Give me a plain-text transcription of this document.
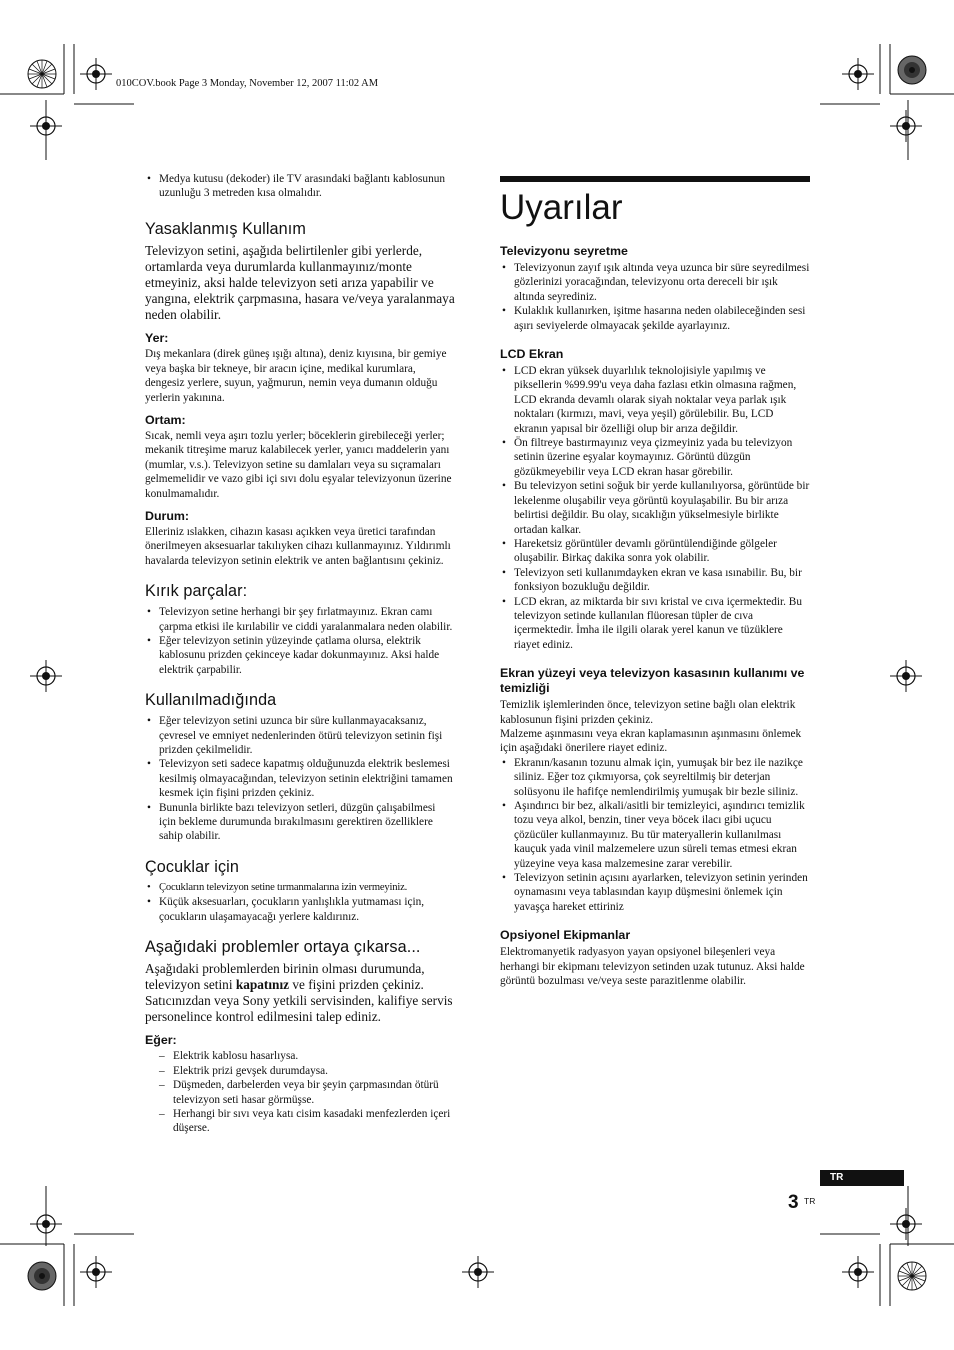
010COV.book Page 3 Monday, November 12, 2007 11:02 AM
• Medya kutusu (dekoder) ile TV arasındaki bağlantı kablosunun uzunluğu 3 metreden kısa olmalıdır.
Yasaklanmış Kullanım

Televizyon setini, aşağıda belirtilenler gibi yerlerde, ortamlarda veya durumlarda kullanmayınız/monte etmeyiniz, aksi halde televizyon seti arıza yapabilir ve yangına, elektrik çarpmasına, hasara ve/veya yaralanmaya neden olabilir.

Yer:

Dış mekanlara (direk güneş ışığı altına), deniz kıyısına, bir gemiye veya başka bir tekneye, bir aracın içine, medikal kurumlara, dengesiz yerlere, suyun, yağmurun, nemin veya dumanın olduğu yerlerin yakınına.

Ortam:

Sıcak, nemli veya aşırı tozlu yerler; böceklerin girebileceği yerler; mekanik titreşime maruz kalabilecek yerler, yanıcı maddelerin yanı (mumlar, v.s.). Televizyon setine su damlaları veya su sıçramaları gelmemelidir ve vazo gibi içi sıvı dolu eşyalar televizyonun üzerine konulmamalıdır.

Durum:

Elleriniz ıslakken, cihazın kasası açıkken veya üretici tarafından önerilmeyen aksesuarlar takılıyken cihazı kullanmayınız. Yıldırımlı havalarda televizyon setinin elektrik ve anten bağlantısını çekiniz.

Kırık parçalar:
• Televizyon setine herhangi bir şey fırlatmayınız. Ekran camı çarpma etkisi ile kırılabilir ve ciddi yaralanmalara neden olabilir.
• Eğer televizyon setinin yüzeyinde çatlama olursa, elektrik kablosunu prizden çekinceye kadar dokunmayınız. Aksi halde elektrik çarpabilir.
Kullanılmadığında
• Eğer televizyon setini uzunca bir süre kullanmayacaksanız, çevresel ve emniyet nedenlerinden ötürü televizyon setinin fişi prizden çekilmelidir.
• Televizyon seti sadece kapatmış olduğunuzda elektrik beslemesi kesilmiş olmayacağından, televizyon setinin elektriğini tamamen kesmek için fişini prizden çekiniz.
• Bununla birlikte bazı televizyon setleri, düzgün çalışabilmesi için bekleme durumunda bırakılmasını gerektiren özelliklere sahip olabilir.
Çocuklar için
• Çocukların televizyon setine tırmanmalarına izin vermeyiniz.
• Küçük aksesuarları, çocukların yanlışlıkla yutmaması için, çocukların ulaşamayacağı yerlere kaldırınız.
Aşağıdaki problemler ortaya çıkarsa...

Aşağıdaki problemlerden birinin olması durumunda, televizyon setini kapatınız ve fişini prizden çekiniz. Satıcınızdan veya Sony yetkili servisinden, kalifiye servis personelince kontrol edilmesini talep ediniz.

Eğer:
– Elektrik kablosu hasarlıysa.
– Elektrik prizi gevşek durumdaysa.
– Düşmeden, darbelerden veya bir şeyin çarpmasından ötürü televizyon seti hasar görmüşse.
– Herhangi bir sıvı veya katı cisim kasadaki menfezlerden içeri düşerse.
Uyarılar
Televizyonu seyretme
• Televizyonun zayıf ışık altında veya uzunca bir süre seyredilmesi gözlerinizi yoracağından, televizyonu orta dereceli bir ışık altında seyrediniz.
• Kulaklık kullanırken, işitme hasarına neden olabileceğinden sesi aşırı seviyelerde olmayacak şekilde ayarlayınız.
LCD Ekran
• LCD ekran yüksek duyarlılık teknolojisiyle yapılmış ve piksellerin %99.99'u veya daha fazlası etkin olmasına rağmen, LCD ekranda devamlı olarak siyah noktalar veya parlak ışık noktaları (kırmızı, mavi, veya yeşil) görülebilir. Bu, LCD ekranın yapısal bir özelliği olup bir arıza değildir.
• Ön filtreye bastırmayınız veya çizmeyiniz yada bu televizyon setinin üzerine eşyalar koymayınız. Görüntü düzgün gözükmeyebilir veya LCD ekran hasar görebilir.
• Bu televizyon setini soğuk bir yerde kullanılıyorsa, görüntüde bir lekelenme oluşabilir veya görüntü koyulaşabilir. Bu bir arıza belirtisi değildir. Bu olay, sıcaklığın yükselmesiyle birlikte ortadan kalkar.
• Hareketsiz görüntüler devamlı görüntülendiğinde gölgeler oluşabilir. Birkaç dakika sonra yok olabilir.
• Televizyon seti kullanımdayken ekran ve kasa ısınabilir. Bu, bir fonksiyon bozukluğu değildir.
• LCD ekran, az miktarda bir sıvı kristal ve cıva içermektedir. Bu televizyon setinde kullanılan flüoresan tüpler de cıva içermektedir. İmha ile ilgili olarak yerel kanun ve tüzüklere riayet ediniz.
Ekran yüzeyi veya televizyon kasasının kullanımı ve temizliği

Temizlik işlemlerinden önce, televizyon setine bağlı olan elektrik kablosunun fişini prizden çekiniz.

Malzeme aşınmasını veya ekran kaplamasının aşınmasını önlemek için aşağıdaki önerilere riayet ediniz.

• Ekranın/kasanın tozunu almak için, yumuşak bir bez ile nazikçe siliniz. Eğer toz çıkmıyorsa, çok seyreltilmiş bir deterjan solüsyonu ile hafifçe nemlendirilmiş yumuşak bir bezle siliniz.
• Aşındırıcı bir bez, alkali/asitli bir temizleyici, aşındırıcı temizlik tozu veya alkol, benzin, tiner veya böcek ilacı gibi uçucu çözücüler kullanmayınız. Bu tür materyallerin kullanılması kauçuk yada vinil malzemelere uzun süreli temas etmesi ekran yüzeyine veya kasa malzemesine zarar verebilir.
• Televizyon setinin açısını ayarlarken, televizyon setinin yerinden oynamasını veya tablasından kayıp düşmesini önlemek için yavaşça hareket ettiriniz
Opsiyonel Ekipmanlar

Elektromanyetik radyasyon yayan opsiyonel bileşenleri veya herhangi bir ekipmanı televizyon setinden uzak tutunuz. Aksi halde görüntü bozulması ve/veya seste parazitlenme olabilir.

TR
3 TR
